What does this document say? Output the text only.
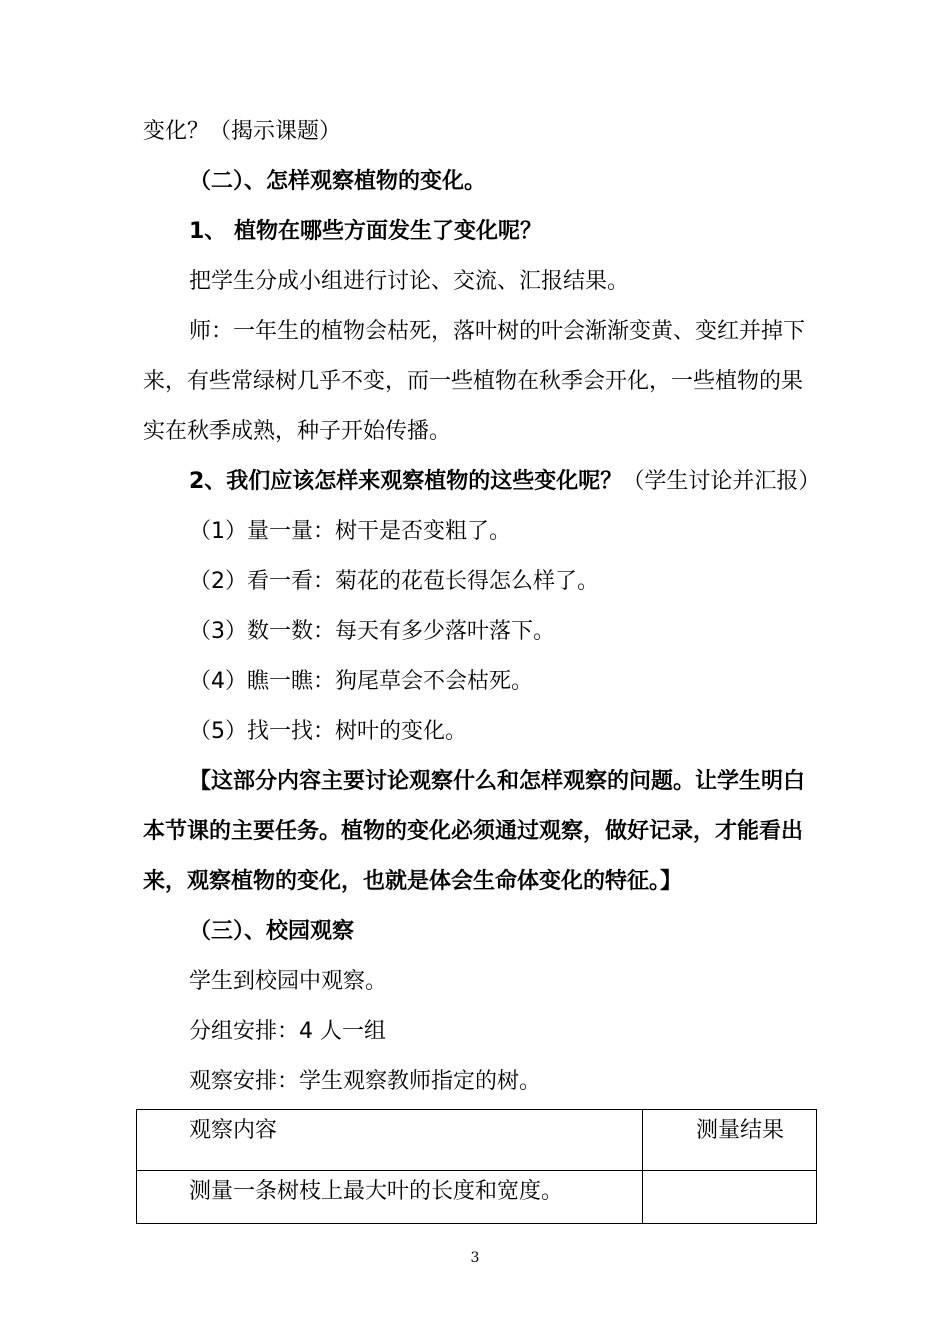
变化？（揭示课题）
（二）、怎样观察植物的变化。
1、 植物在哪些方面发生了变化呢？
把学生分成小组进行讨论、交流、汇报结果。
师：一年生的植物会枯死，落叶树的叶会渐渐变黄、变红并掉下
来，有些常绿树几乎不变，而一些植物在秋季会开化，一些植物的果
实在秋季成熟，种子开始传播。
2、我们应该怎样来观察植物的这些变化呢？（学生讨论并汇报）
（1）量一量：树干是否变粗了。
（2）看一看：菊花的花苞长得怎么样了。
（3）数一数：每天有多少落叶落下。
（4）瞧一瞧：狗尾草会不会枯死。
（5）找一找：树叶的变化。
【这部分内容主要讨论观察什么和怎样观察的问题。让学生明白
本节课的主要任务。植物的变化必须通过观察，做好记录，才能看出
来，观察植物的变化，也就是体会生命体变化的特征。】
（三）、校园观察
学生到校园中观察。
分组安排：4 人一组
观察安排：学生观察教师指定的树。
观察内容	测量结果
测量一条树枝上最大叶的长度和宽度。	
3
